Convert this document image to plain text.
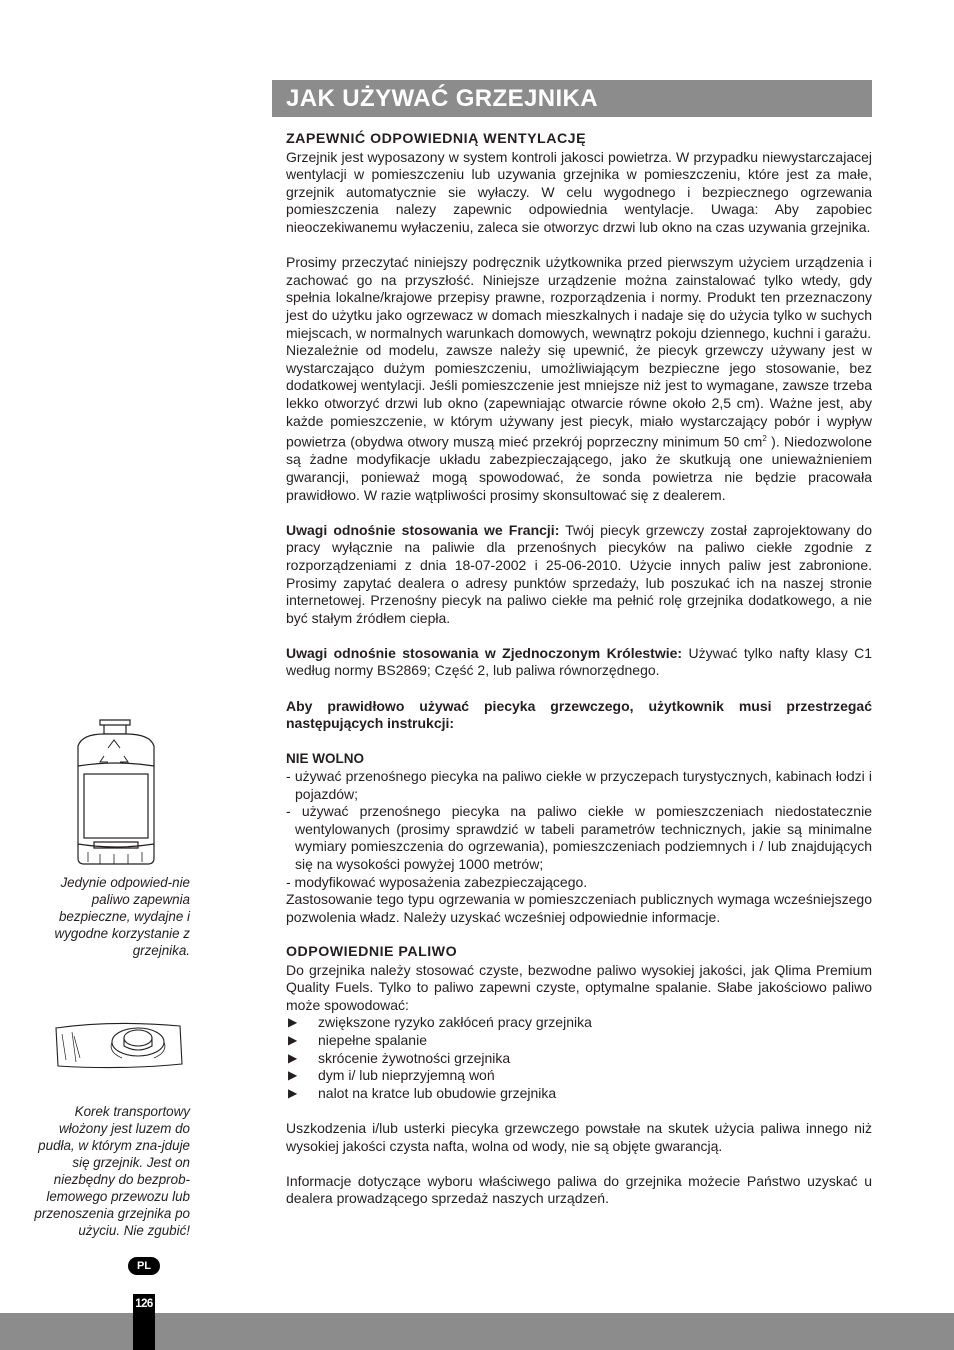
JAK UŻYWAĆ GRZEJNIKA

ZAPEWNIĆ ODPOWIEDNIĄ WENTYLACJĘ

Grzejnik jest wyposazony w system kontroli jakosci powietrza. W przypadku niewystarczajacej wentylacji w pomieszczeniu lub uzywania grzejnika w pomieszczeniu, które jest za małe, grzejnik automatycznie sie wyłaczy. W celu wygodnego i bezpiecznego ogrzewania pomieszczenia nalezy zapewnic odpowiednia wentylacje. Uwaga: Aby zapobiec nieoczekiwanemu wyłaczeniu, zaleca sie otworzyc drzwi lub okno na czas uzywania grzejnika.

Prosimy przeczytać niniejszy podręcznik użytkownika przed pierwszym użyciem urządzenia i zachować go na przyszłość. Niniejsze urządzenie można zainstalować tylko wtedy, gdy spełnia lokalne/krajowe przepisy prawne, rozporządzenia i normy. Produkt ten przeznaczony jest do użytku jako ogrzewacz w domach mieszkalnych i nadaje się do użycia tylko w suchych miejscach, w normalnych warunkach domowych, wewnątrz pokoju dziennego, kuchni i garażu.

Niezależnie od modelu, zawsze należy się upewnić, że piecyk grzewczy używany jest w wystarczająco dużym pomieszczeniu, umożliwiającym bezpieczne jego stosowanie, bez dodatkowej wentylacji. Jeśli pomieszczenie jest mniejsze niż jest to wymagane, zawsze trzeba lekko otworzyć drzwi lub okno (zapewniając otwarcie równe około 2,5 cm). Ważne jest, aby każde pomieszczenie, w którym używany jest piecyk, miało wystarczający pobór i wypływ powietrza (obydwa otwory muszą mieć przekrój poprzeczny minimum 50 $cm^2$ ). Niedozwolone są żadne modyfikacje układu zabezpieczającego, jako że skutkują one unieważnieniem gwarancji, ponieważ mogą spowodować, że sonda powietrza nie będzie pracowała prawidłowo. W razie wątpliwości prosimy skonsultować się z dealerem.

Uwagi odnośnie stosowania we Francji: Twój piecyk grzewczy został zaprojektowany do pracy wyłącznie na paliwie dla przenośnych piecyków na paliwo ciekłe zgodnie z rozporządzeniami z dnia 18-07-2002 i 25-06-2010. Użycie innych paliw jest zabronione. Prosimy zapytać dealera o adresy punktów sprzedaży, lub poszukać ich na naszej stronie internetowej. Przenośny piecyk na paliwo ciekłe ma pełnić rolę grzejnika dodatkowego, a nie być stałym źródłem ciepła.

Uwagi odnośnie stosowania w Zjednoczonym Królestwie: Używać tylko nafty klasy C1 według normy BS2869; Część 2, lub paliwa równorzędnego.

Aby prawidłowo używać piecyka grzewczego, użytkownik musi przestrzegać następujących instrukcji:

NIE WOLNO

- używać przenośnego piecyka na paliwo ciekłe w przyczepach turystycznych, kabinach łodzi i pojazdów;
- używać przenośnego piecyka na paliwo ciekłe w pomieszczeniach niedostatecznie wentylowanych (prosimy sprawdzić w tabeli parametrów technicznych, jakie są minimalne wymiary pomieszczenia do ogrzewania), pomieszczeniach podziemnych i / lub znajdujących się na wysokości powyżej 1000 metrów;
- modyfikować wyposażenia zabezpieczającego.

Zastosowanie tego typu ogrzewania w pomieszczeniach publicznych wymaga wcześniejszego pozwolenia władz. Należy uzyskać wcześniej odpowiednie informacje.

ODPOWIEDNIE PALIWO

Do grzejnika należy stosować czyste, bezwodne paliwo wysokiej jakości, jak Qlima Premium Quality Fuels. Tylko to paliwo zapewni czyste, optymalne spalanie. Słabe jakościowo paliwo może spowodować:

▶ zwiększone ryzyko zakłóceń pracy grzejnika
▶ niepełne spalanie
▶ skrócenie żywotności grzejnika
▶ dym i/ lub nieprzyjemną woń
▶ nalot na kratce lub obudowie grzejnika

Uszkodzenia i/lub usterki piecyka grzewczego powstałe na skutek użycia paliwa innego niż wysokiej jakości czysta nafta, wolna od wody, nie są objęte gwarancją.

Informacje dotyczące wyboru właściwego paliwa do grzejnika możecie Państwo uzyskać u dealera prowadzącego sprzedaż naszych urządzeń.

Jedynie odpowied-nie paliwo zapewnia bezpieczne, wydajne i wygodne korzystanie z grzejnika.
Korek transportowy włożony jest luzem do pudła, w którym zna-jduje się grzejnik. Jest on niezbędny do bezprob-lemowego przewozu lub przenoszenia grzejnika po użyciu. Nie zgubić!
PL
126
